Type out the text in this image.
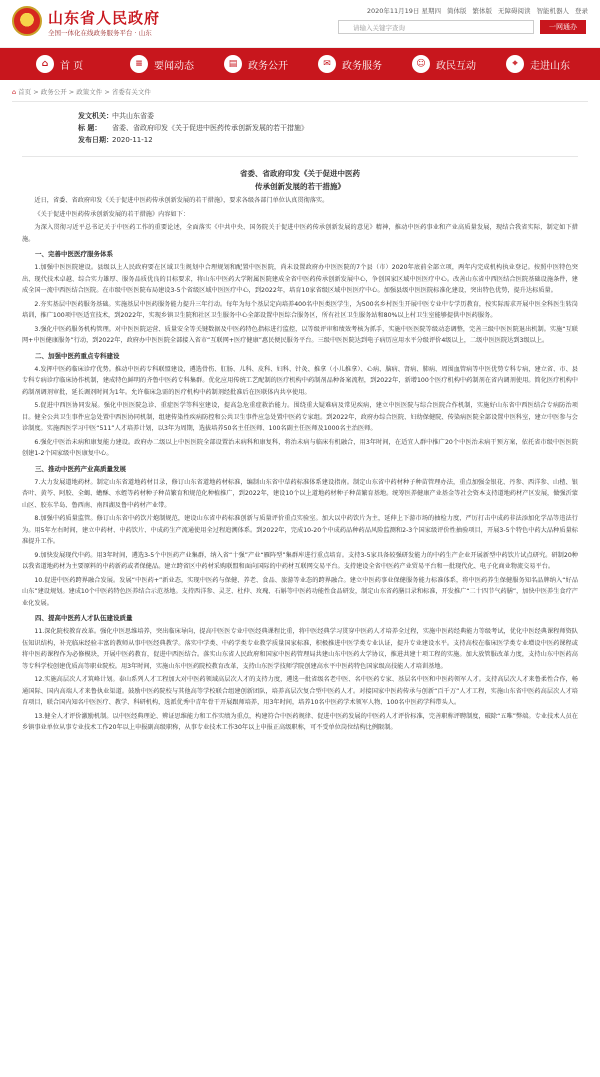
山东省人民政府
全国一体化在线政务服务平台 · 山东
2020年11月19日 星期四 简体版 繁体版 无障碍阅读 智能机器人 登录
请输入关键字查询	一网通办
⌂	首 页	≡	要闻动态	▤	政务公开	✉	政务服务	☺	政民互动	⌖	走进山东
⌂ 首页 > 政务公开 > 政策文件 > 省委有关文件
发文机关：中共山东省委
标 题： 省委、省政府印发《关于促进中医药传承创新发展的若干措施》
发布日期：2020-11-12
省委、省政府印发《关于促进中医药
传承创新发展的若干措施》
近日，省委、省政府印发《关于促进中医药传承创新发展的若干措施》，要求各级各部门单位认真贯彻落实。
《关于促进中医药传承创新发展的若干措施》内容如下：
为深入贯彻习近平总书记关于中医药工作的重要论述，全面落实《中共中央、国务院关于促进中医药传承创新发展的意见》精神，推动中医药事业和产业高质量发展，现结合我省实际，制定如下措施。
一、完善中医医疗服务体系
1.加强中医医院建设。县级以上人民政府要在区域卫生规划中合理规划和配置中医医院，尚未设置政府办中医医院的7个县（市）2020年底前全部立项，两年内完成机构执业登记。按照中医特色突出、现代技术卓越、综合实力雄厚、服务品质优良的目标要求，将山东中医药大学附属医院建成全省中医药传承创新发展中心，争创国家区域中医医疗中心。改善山东省中西医结合医院基础设施条件，建成全国一流中西医结合医院。在市级中医医院布局建设3-5个省级区域中医医疗中心，到2022年，培育10家省级区域中医医疗中心。加强县级中医医院标准化建设，突出特色优势，提升达标质量。
2.夯实基层中医药服务基础。实施基层中医药服务能力提升三年行动。每年为每个基层定向培养400名中医类医学生，为500名乡村医生开展中医专业中专学历教育，按实际需求开展中医全科医生转岗培训，推广100项中医适宜技术，到2022年，实现乡镇卫生院和社区卫生服务中心全部设置中医综合服务区，所有社区卫生服务站和80%以上村卫生室能够提供中医药服务。
3.强化中医药服务机构管理。对中医医院运营、质量安全等关键数据及中医药特色指标进行监控，以等级评审和绩效考核为抓手，实施中医医院等级动态调整，完善三级中医医院退出机制。实施“互联网+中医健康服务”行动，到2022年，政府办中医医院全部接入省市“互联网+医疗健康”惠民便民服务平台。三级中医医院达到电子病历应用水平分级评价4级以上，二级中医医院达到3级以上。
二、加强中医药重点专科建设
4.发挥中医药临床诊疗优势。推动中医药专科联盟建设，遴选骨伤、肛肠、儿科、皮科、妇科、针灸、推拿（小儿推拿）、心病、脑病、肾病、肺病、周围血管病等中医优势专科专病，建立省、市、县专科专病诊疗临床协作机制，建成特色鲜明的齐鲁中医药专科集群。优化应用传统工艺配制的医疗机构中药制剂品种备案流程，到2022年，新增100个医疗机构中药制剂在省内调剂使用。简化医疗机构中药制剂调剂审批，延长调剂时间为1年。允许临床急需的医疗机构中药制剂经批准后在医联体内共享使用。
5.促进中西医协同发展。强化中医医院急诊、重症医学等科室建设，提高急危重症救治能力。围绕重大疑难病及常见疾病，建立中医医院与综合医院合作机制，实施好山东省中西医结合专病防治项目。健全公共卫生事件应急处置中西医协同机制，组建传染性疾病防控和公共卫生事件应急处置中医药专家组。到2022年，政府办综合医院、妇幼保健院、传染病医院全部设置中医科室，建立中医参与会诊制度。实施西医学习中医“511”人才培养计划，以3年为周期，选拔培养50名主任医师、100名副主任医师及1000名主治医师。
6.强化中医治未病和康复能力建设。政府办二级以上中医医院全部设置治未病科和康复科，将治未病与临床有机融合，用3年时间，在适宜人群中推广20个中医治未病干预方案，依托省市级中医医院创建1-2个国家级中医康复中心。
三、推动中医药产业高质量发展
7.大力发展道地药材。制定山东省道地药材目录，修订山东省道地药材标准，编制山东省中草药标准体系建设指南。制定山东省中药材种子种苗管理办法，重点加强金银花、丹参、西洋参、山楂、银杏叶、黄芩、阿胶、全蝎、蟾酥、水蛭等药材种子种苗繁育和规范化种植推广，到2022年，建设10个以上道地药材种子种苗繁育基地。统筹医养健康产业基金等社会资本支持道地药材产区发展，做强沂蒙山区、胶东半岛、鲁西南、南四湖及鲁中药材产业带。
8.加强中药质量监管。修订山东省中药饮片炮制规范，建设山东省中药标准创新与质量评价重点实验室。加大以中药饮片为主，延伸上下游市场的抽检力度，严厉打击中成药非法添加化学品等违法行为。用5年左右时间，建立中药材、中药饮片、中成药生产流通使用全过程追溯体系。到2022年，完成10-20个中成药品种药品风险监测和2-3个国家级评价性抽验项目，开展3-5个特色中药大品种质量标准提升工作。
9.加快发展现代中药。用3年时间，遴选3-5个中医药产业集群，纳入省“十强”产业“雁阵型”集群库进行重点培育。支持3-5家具备较强研发能力的中药生产企业开展新型中药饮片试点研究。研制20种以我省道地药材为主要原料的中药新药或者保健品。建立跨省区中药材采购联盟和面向国际的中药材互联网交易平台。支持建设全省中医药产业贸易平台和一批现代化、电子化商业物流交易平台。
10.促进中医药跨界融合发展。发展“中医药+”新业态，实现中医药与保健、养老、食品、旅游等业态的跨界融合。建立中医药事业保健服务能力标准体系，将中医药养生保健服务知名品牌纳入“好品山东”建设规划。建成10个中医药特色医养结合示范基地。支持西洋参、灵芝、杜仲、玫瑰、石斛等中医药功能性食品研发，制定山东省药膳目录和标准，开发推广“二十四节气药膳”，加快中医养生食疗产业化发展。
四、提高中医药人才队伍建设质量
11.深化院校教育改革。强化中医思维培养，突出临床导向，提高中医医专业中医经典课程比重，将中医经典学习贯穿中医药人才培养全过程，实施中医药经典能力等级考试，优化中医经典课程师资队伍知识结构，补充临床经验丰富的教师从事中医经典教学。落实中学类、中药学类专业教学质量国家标准，积极推进中医学类专业认证，提升专业建设水平。支持高校在临床医学类专业增设中医药课程或将中医药课程作为必修模块，开展中医药教育，促进中西医结合。落实山东省人民政府和国家中医药管理局共建山东中医药大学协议，推进共建十项工程的实施。加大放管服改革力度，支持山东中医药高等专科学校创建优质高等职业院校。用3年时间，实施山东中医药院校教育改革，支持山东医学技师学院创建高水平中医药特色国家级高技能人才培训基地。
12.实施高层次人才筑峰计划。泰山系列人才工程加大对中医药领域高层次人才的支持力度，遴选一批省级名老中医、名中医药专家、基层名中医和中医药领军人才。支持高层次人才来鲁柔性合作，畅通国际、国内高端人才来鲁执业渠道。鼓励中医药院校与其他高等学校联合组建创新团队，培养高层次复合型中医药人才。对接国家中医药传承与创新“百千万”人才工程，实施山东省中医药高层次人才培育项目，联合国内知名中医医疗、教学、科研机构，选派优秀中青年骨干开展跟师培养，用3年时间，培养10名中医药学术领军人物、100名中医药学科带头人。
13.健全人才评价激励机制。以中医经典理论、辨证思维能力和工作实绩为重点，构建符合中医药规律、促进中医药发展的中医药人才评价标准，完善职称评聘制度，破除“五唯”弊端。专业技术人员在乡镇事业单位从事专业技术工作20年以上申报副高级职称，从事专业技术工作30年以上申报正高级职称，可不受单位岗位结构比例限制。
